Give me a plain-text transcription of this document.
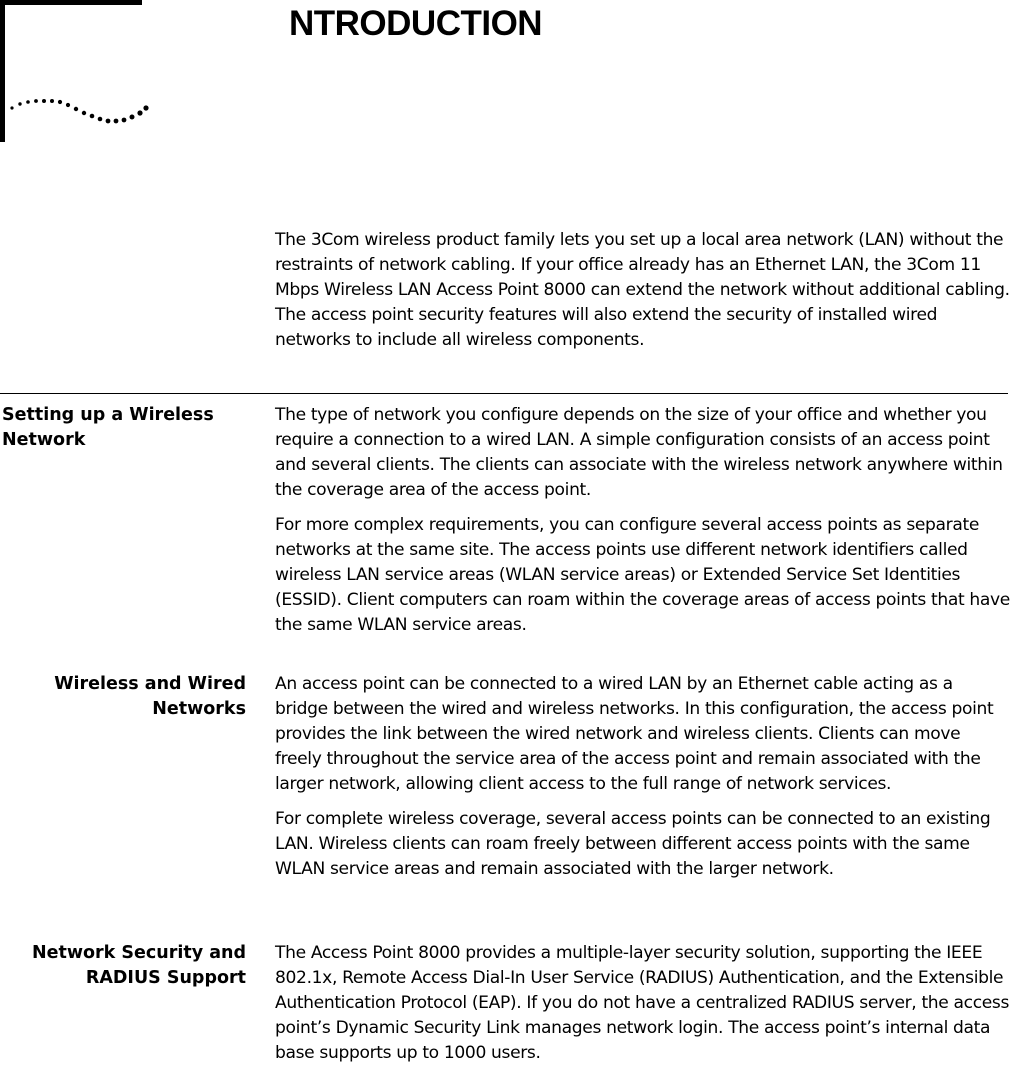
NTRODUCTION

The 3Com wireless product family lets you set up a local area network (LAN) without the restraints of network cabling. If your office already has an Ethernet LAN, the 3Com 11 Mbps Wireless LAN Access Point 8000 can extend the network without additional cabling. The access point security features will also extend the security of installed wired networks to include all wireless components.

Setting up a Wireless Network

The type of network you configure depends on the size of your office and whether you require a connection to a wired LAN. A simple configuration consists of an access point and several clients. The clients can associate with the wireless network anywhere within the coverage area of the access point.

For more complex requirements, you can configure several access points as separate networks at the same site. The access points use different network identifiers called wireless LAN service areas (WLAN service areas) or Extended Service Set Identities (ESSID). Client computers can roam within the coverage areas of access points that have the same WLAN service areas.

Wireless and Wired Networks

An access point can be connected to a wired LAN by an Ethernet cable acting as a bridge between the wired and wireless networks. In this configuration, the access point provides the link between the wired network and wireless clients. Clients can move freely throughout the service area of the access point and remain associated with the larger network, allowing client access to the full range of network services.

For complete wireless coverage, several access points can be connected to an existing LAN. Wireless clients can roam freely between different access points with the same WLAN service areas and remain associated with the larger network.

Network Security and RADIUS Support

The Access Point 8000 provides a multiple-layer security solution, supporting the IEEE 802.1x, Remote Access Dial-In User Service (RADIUS) Authentication, and the Extensible Authentication Protocol (EAP). If you do not have a centralized RADIUS server, the access point’s Dynamic Security Link manages network login. The access point’s internal data base supports up to 1000 users.
